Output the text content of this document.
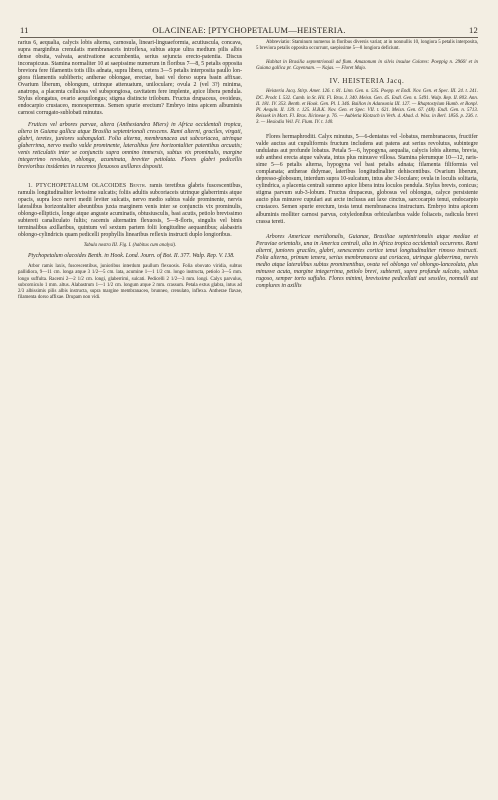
11	OLACINEAE: [PTYCHOPETALUM—HEISTERIA.	12

rarius 6, aequalia, calycis lobis alterna, carnosula, lineari-linguaeformia, acutiuscula, concava, supra marginibus crenulatis membranaceis introflexa, subtus atque ultra medium pilis albis dense obsita, valvata, aestivatione accumbentia, serius sejuncta erecto-patentia. Discus inconspicuus. Stamina normaliter 10 at saepissime numerum in floribus 7—8, 5 petalis opposita breviora fere filamentis totis illis adnata, supra libera, cetera 3—5 petalis interposita paullo longiora filamentis subliberis; antherae oblongae, erectae, basi vel dorso supra basin affixae. Ovarium liberum, oblongum, utrinque attenuatum, uniloculare; ovula 2 (vel 3?) minima, anatropa, a placenta cellulosa vel subspongiosa, cavitatem fere implente, apice libera pendula. Stylus elongatus, ovario aequilongus; stigma distincte trilobum. Fructus drupaceus, ovoideus, endocarpio crustaceo, monospermus. Semen spurie erectum? Embryo intra apicem albuminis carnosi corrugato-sublobati minutus.

Frutices vel arbores parvae, altera (Anthesiandra Miers) in Africa occidentali tropica, altera in Guiana gallica atque Brasilia septentrionali crescens. Rami alterni, graciles, virgati, glabri, teretes, juniores subangulati. Folia alterna, membranacea aut subcoriacea, utrinque glaberrima, nervo medio valde prominente, lateralibus fere horizontaliter patentibus arcuatis; venis reticulatis inter se conjunctis supra omnino immersis, subtus vix prominulis, margine integerrimo revoluto, oblonga, acuminata, breviter petiolata. Flores glabri pedicellis brevioribus insidentes in racemos flexuosos axillares dispositi.

1. PTYCHOPETALUM OLACOIDES Benth. ramis teretibus glabris fuscescentibus, ramulis longitudinaliter levissime sulcatis; foliis adultis subcoriaceis utrinque glaberrimis atque opacis, supra loco nervi medii leviter sulcatis, nervo medio subtus valde prominente, nervis lateralibus horizontaliter abeuntibus juxta marginem venis inter se conjunctis vix prominulis, oblongo-ellipticis, longe atque anguste acuminatis, obtusiusculis, basi acutis, petiolo brevissimo subtereti canaliculato fultis; racemis alternatim flexuosis, 5—8-floris, singulis vel binis terminalibus axillaribus, quintum vel sextum partem folii longitudine aequantibus; alabastris oblongo-cylindricis quam pedicelli prophyllis linearibus reflexis instructi duplo longioribus.

Tabula nostra III. Fig. I. (habitus cum analysi).

Ptychopetalum olacoides Benth. in Hook. Lond. Journ. of Bot. II. 377. Walp. Rep. V. 138.

Arbor ramis laxis, fuscescentibus, junioribus interdum paullum flexuosis. Folia obovato viridia, subtus pallidiora, 9—11 cm. longa atque 3 1/2—5 cm. lata, acumine 1—1 1/2 cm. longo instructa, petiolo 3—5 mm. longo suffulta. Racemi 2—2 1/2 cm. longi, glaberrimi, sulcati. Pedicelli 2 1/2—3 mm. longi. Calyx parvulus, subcorniculo 1 mm. altus. Alabastrum 1—1 1/2 cm. longum atque 2 mm. crassum. Petala extus glabra, intus ad 2/3 albissimis pilis albis instructa, supra margine membranaceo, brunneo, crenulato, inflexa. Antherae flavae, filamenta dorso affixae. Drupam non vidi.

Abbreviatio: Staminum numerus in floribus diversis variat; at in nonnullis 10, longiora 5 petalis interposita, 5 breviora petalis opposita occurrunt, saepissime 5—8 longiora deficiunt.

Habitat in Brasilia septentrionali ad flum. Amazonum in silvis insulae Colares: Poeppig n. 2966! et in Guiana gallica pr. Cayennam. — Najas. — Floret Majo.

IV. HEISTERIA Jacq.

Heisteria Jacq. Stirp. Amer. 126. t. 81. Linn. Gen. n. 535. Poepp. et Endl. Nov. Gen. et Spec. III. 24. t. 241. DC. Prodr. I. 532. Camb. in St. Hil. Fl. Bras. I. 340. Meisn. Gen. 45. Endl. Gen. n. 5491. Walp. Rep. II. 803. Ann. II. 181. IV. 353. Benth. et Hook. Gen. Pl. I. 346. Baillon in Adansonia III. 127. — Rhaptostylum Humb. et Bonpl. Pl. Aequin. II. 139. t. 125. H.B.K. Nov. Gen. et Spec. VII. t. 621. Meisn. Gen. 67. (48). Endl. Gen. n. 5713. Reissek in Mart. Fl. Bras. Ilicineae p. 76. — Aubletia Klotzsch in Verh. d. Abad. d. Wiss. in Berl. 1856. p. 236. t. 3. — Hesiodia Vell. Fl. Flum. IV. t. 140.

Flores hermaphroditi. Calyx minutus, 5—6-dentatus vel -lobatus, membranaceus, fructifer valde auctus aut cupuliformis fructum includens aut patens aut serius revolutus, subintegre undulatus aut profunde lobatus. Petala 5—6, hypogyna, aequalia, calycis lobis alterna, brevia, sub anthesi erecta atque valvata, intus plus minusve villosa. Stamina plerumque 10—12, rarissime 5—6 petalis alterna, hypogyna vel basi petalis adnata; filamenta filiformia vel complanata; antherae didymae, lateribus longitudinaliter dehiscentibus. Ovarium liberum, depresso-globosum, interdum supra 10-sulcatum, intus abe 3-loculare; ovula in loculis solitaria, cylindrica, a placenta centrali summo apice libera intra loculos pendula. Stylus brevis, conicus; stigma parvum sub-3-lobum. Fructus drupaceus, globosus vel oblongus, calyce persistente aucto plus minusve cupulari aut arcte inclusus aut laxe cinctus, sarcocarpio tenui, endocarpio crustaceo. Semen spurie erectum, testa tenui membranacea instructum. Embryo intra apicem albuminis molliter carnosi parvus, cotyledonibus orbicularibus valde foliaceis, radicula brevi crassa tereti.

Arbores Americae meridionalis, Guianae, Brasiliae septentrionalis atque mediae et Peruviae orientalis, una in America centrali, alia in Africa tropica occidentali occurrens. Rami alterni, juniores graciles, glabri, senescentes cortice tenui longitudinaliter rimoso instructi. Folia alterna, primum tenera, serius membranacea aut coriacea, utrinque glaberrima, nervis medio atque lateralibus subtus prominentibus, ovata vel oblonga vel oblongo-lanceolata, plus minusve acuta, margine integerrima, petiolo brevi, subtereti, supra profunde sulcato, subtus rugoso, semper torto suffulto. Flores minimi, brevissime pedicellati aut sessiles, nonnulli aut complures in axillis
